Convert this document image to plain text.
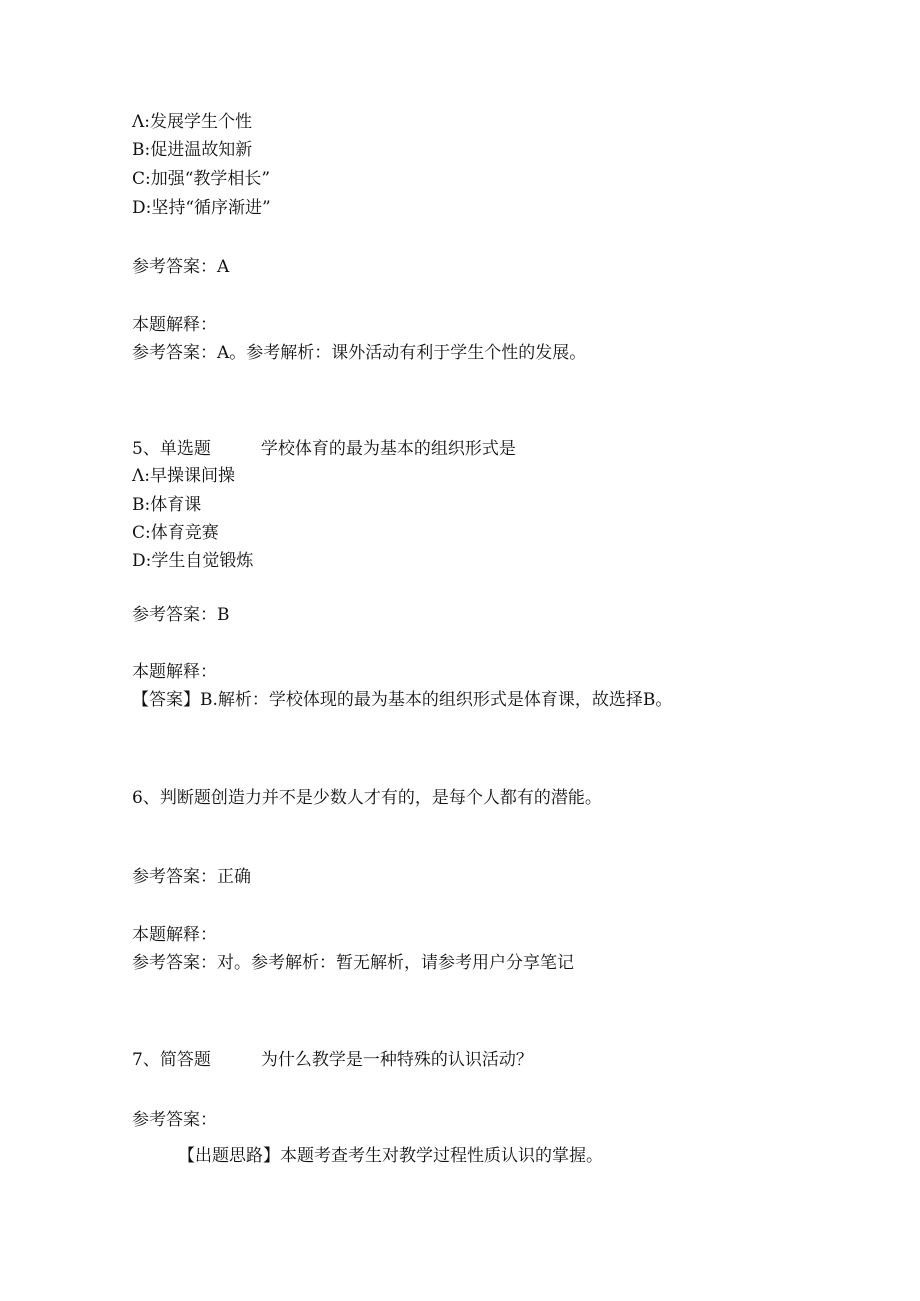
Λ:发展学生个性
B:促进温故知新
C:加强“教学相长”
D:坚持“循序渐进”
参考答案：A
本题解释：
参考答案：A。参考解析：课外活动有利于学生个性的发展。
5、单选题	学校体育的最为基本的组织形式是
Λ:早操课间操
B:体育课
C:体育竞赛
D:学生自觉锻炼
参考答案：B
本题解释：
【答案】B.解析：学校体现的最为基本的组织形式是体育课，故选择B。
6、判断题创造力并不是少数人才有的，是每个人都有的潜能。
参考答案：正确
本题解释：
参考答案：对。参考解析：暂无解析，请参考用户分享笔记
7、简答题	为什么教学是一种特殊的认识活动？
参考答案：
【出题思路】本题考查考生对教学过程性质认识的掌握。
